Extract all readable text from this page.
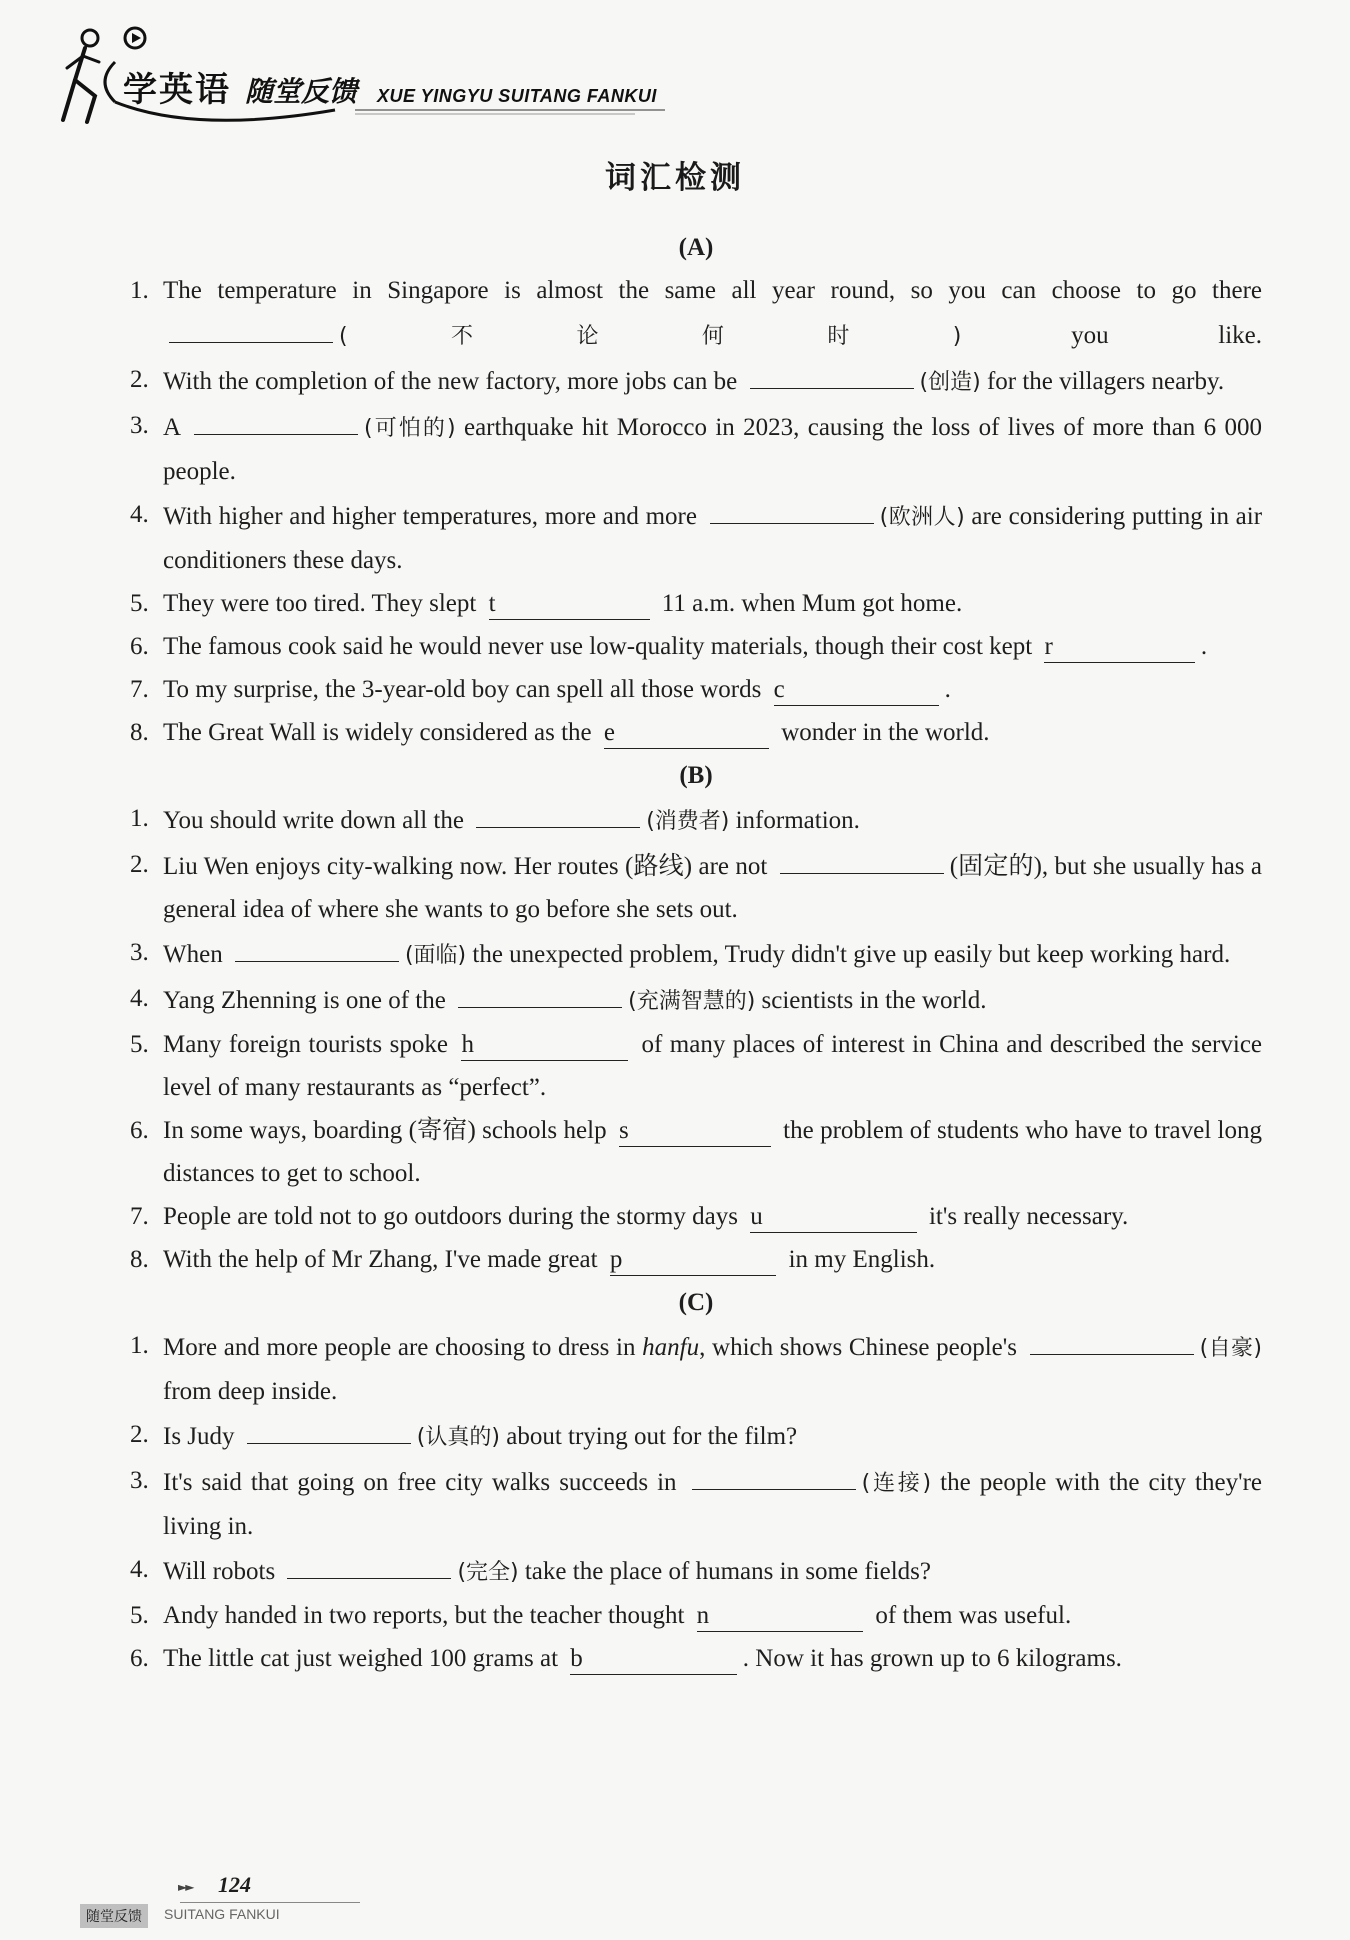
学英语 随堂反馈 XUE YINGYU SUITANG FANKUI
词汇检测
(A)
1. The temperature in Singapore is almost the same all year round, so you can choose to go there (不论何时)	you like.
2. With the completion of the new factory, more jobs can be	(创造) for the villagers nearby.
3. A	(可怕的) earthquake hit Morocco in 2023, causing the loss of lives of more than 6 000 people.
4. With higher and higher temperatures, more and more	(欧洲人) are considering putting in air conditioners these days.
5. They were too tired. They slept t	11 a.m. when Mum got home.
6. The famous cook said he would never use low-quality materials, though their cost kept r	.
7. To my surprise, the 3-year-old boy can spell all those words c	.
8. The Great Wall is widely considered as the e	wonder in the world.
(B)
1. You should write down all the	(消费者) information.
2. Liu Wen enjoys city-walking now. Her routes (路线) are not	(固定的), but she usually has a general idea of where she wants to go before she sets out.
3. When	(面临) the unexpected problem, Trudy didn't give up easily but keep working hard.
4. Yang Zhenning is one of the	(充满智慧的) scientists in the world.
5. Many foreign tourists spoke h	of many places of interest in China and described the service level of many restaurants as “perfect”.
6. In some ways, boarding (寄宿) schools help s	the problem of students who have to travel long distances to get to school.
7. People are told not to go outdoors during the stormy days u	it's really necessary.
8. With the help of Mr Zhang, I've made great p	in my English.
(C)
1. More and more people are choosing to dress in hanfu, which shows Chinese people's	(自豪) from deep inside.
2. Is Judy	(认真的) about trying out for the film?
3. It's said that going on free city walks succeeds in	(连接) the people with the city they're living in.
4. Will robots	(完全) take the place of humans in some fields?
5. Andy handed in two reports, but the teacher thought n	of them was useful.
6. The little cat just weighed 100 grams at b	. Now it has grown up to 6 kilograms.
►► 124
随堂反馈	SUITANG FANKUI
